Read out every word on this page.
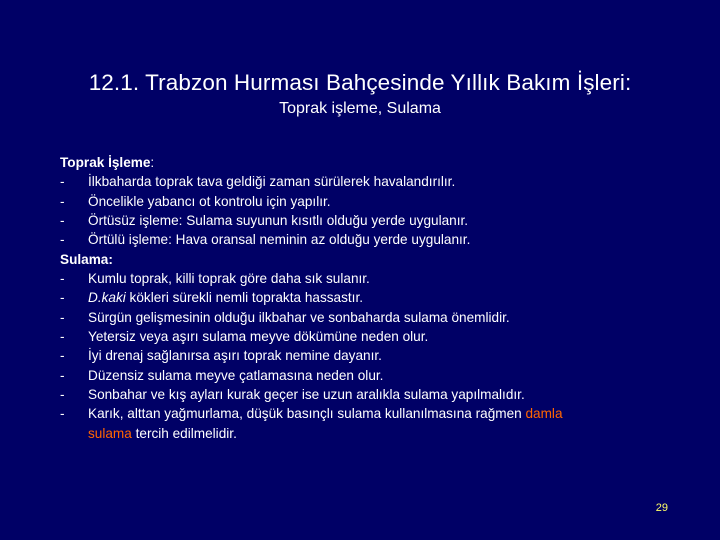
12.1. Trabzon Hurması Bahçesinde Yıllık Bakım İşleri:
Toprak işleme, Sulama
Toprak İşleme:
- İlkbaharda toprak tava geldiği zaman sürülerek havalandırılır.
- Öncelikle yabancı ot kontrolu için yapılır.
- Örtüsüz işleme: Sulama suyunun kısıtlı olduğu yerde uygulanır.
- Örtülü işleme: Hava oransal neminin az olduğu yerde uygulanır.
Sulama:
- Kumlu toprak, killi toprak göre daha sık sulanır.
- D.kaki kökleri sürekli nemli toprakta hassastır.
- Sürgün gelişmesinin olduğu ilkbahar ve sonbaharda sulama önemlidir.
- Yetersiz veya aşırı sulama meyve dökümüne neden olur.
- İyi drenaj sağlanırsa aşırı toprak nemine dayanır.
- Düzensiz sulama meyve çatlamasına neden olur.
- Sonbahar ve kış ayları kurak geçer ise uzun aralıkla sulama yapılmalıdır.
- Karık, alttan yağmurlama, düşük basınçlı sulama kullanılmasına rağmen damla
sulama tercih edilmelidir.
29
